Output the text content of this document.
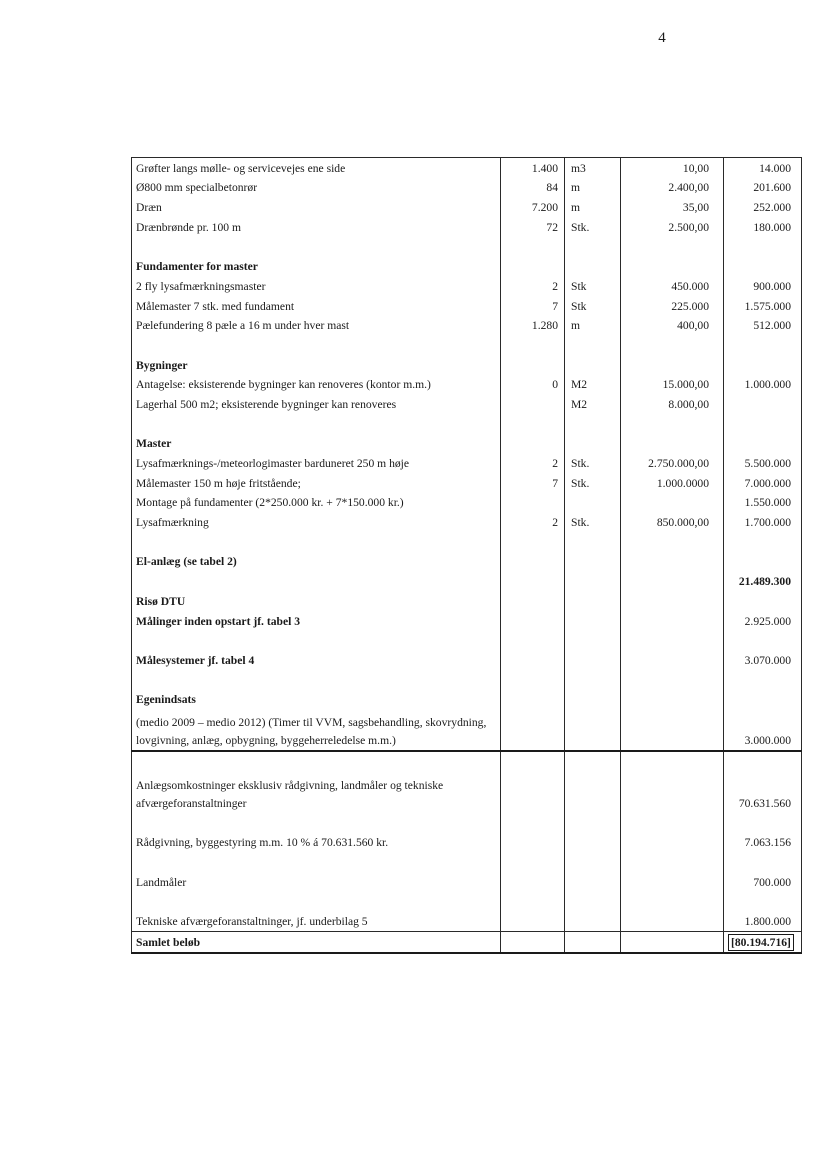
4
Grøfter langs mølle- og servicevejes ene side	1.400	m3	10,00	14.000
Ø800 mm specialbetonrør	84	m	2.400,00	201.600
Dræn	7.200	m	35,00	252.000
Drænbrønde pr. 100 m	72	Stk.	2.500,00	180.000

Fundamenter for master				
2 fly lysafmærkningsmaster	2	Stk	450.000	900.000
Målemaster 7 stk. med fundament	7	Stk	225.000	1.575.000
Pælefundering 8 pæle a 16 m under hver mast	1.280	m	400,00	512.000

Bygninger				
Antagelse: eksisterende bygninger kan renoveres (kontor m.m.)	0	M2	15.000,00	1.000.000
Lagerhal 500 m2; eksisterende bygninger kan renoveres		M2	8.000,00	

Master				
Lysafmærknings-/meteorlogimaster barduneret 250 m høje	2	Stk.	2.750.000,00	5.500.000
Målemaster 150 m høje fritstående;	7	Stk.	1.000.0000	7.000.000
Montage på fundamenter (2*250.000 kr. + 7*150.000 kr.)				1.550.000
Lysafmærkning	2	Stk.	850.000,00	1.700.000

El-anlæg (se tabel 2)				
				21.489.300
Risø DTU				
Målinger inden opstart jf. tabel 3				2.925.000

Målesystemer jf. tabel 4				3.070.000

Egenindsats				
(medio 2009 – medio 2012) (Timer til VVM, sagsbehandling, skovrydning, lovgivning, anlæg, opbygning, byggeherreledelse m.m.)				3.000.000

Anlægsomkostninger eksklusiv rådgivning, landmåler og tekniske afværgeforanstaltninger				70.631.560

Rådgivning, byggestyring m.m. 10 % á 70.631.560 kr.				7.063.156

Landmåler				700.000

Tekniske afværgeforanstaltninger, jf. underbilag 5				1.800.000
Samlet beløb				[80.194.716]
